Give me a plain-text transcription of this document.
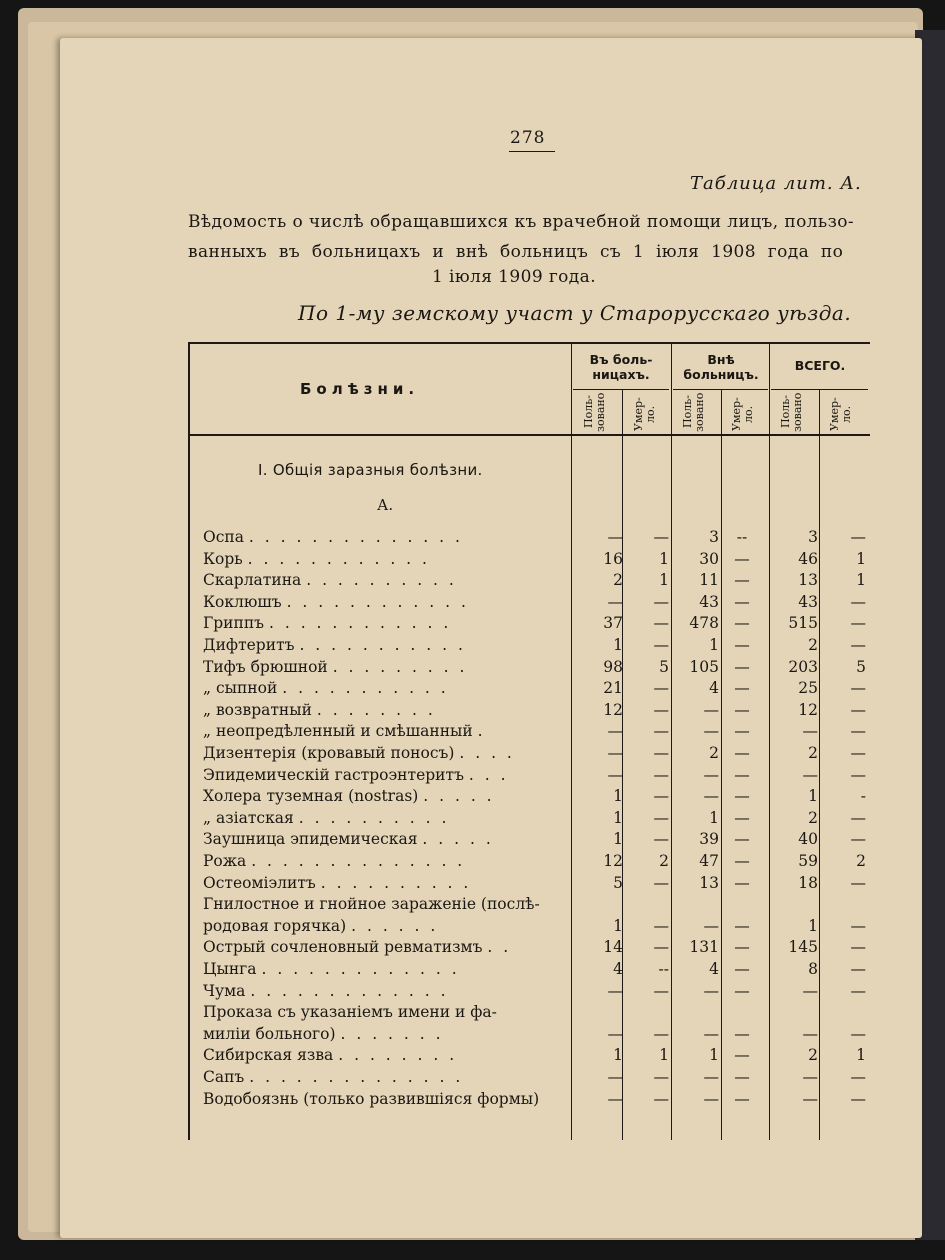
278
Таблица лит. А.
Вѣдомость о числѣ обращавшихся къ врачебной помощи лицъ, пользо-
ванныхъ въ больницахъ и внѣ больницъ съ 1 іюля 1908 года по
1 іюля 1909 года.
По 1-му земскому участ у Старорусскаго уѣзда.
Болѣзни.
Въ боль-ницахъ.
Внѣ больницъ.
ВСЕГО.
Поль-зовано	Умер-ло.	Поль-зовано	Умер-ло.	Поль-зовано	Умер-ло.
I. Общія заразныя болѣзни.
А.
Оспа . . . . . . . . . . . . . .	—	—	3	--	3	—
Корь . . . . . . . . . . . .	16	1	30 —	46	1
Скарлатина . . . . . . . . . .	2	1	11 —	13	1
Коклюшъ . . . . . . . . . . . .	—	—	43 —	43	—
Гриппъ . . . . . . . . . . . .	37	—	478 —	515	—
Дифтеритъ . . . . . . . . . . .	1	—	1 —	2	—
Тифъ брюшной . . . . . . . . .	98	5	105 —	203	5
„ сыпной . . . . . . . . . . .	21	—	4 —	25	—
„ возвратный . . . . . . . .	12	—	— —	12	—
„ неопредѣленный и смѣшанный .	—	—	— —	—	—
Дизентерія (кровавый поносъ) . . . .	—	—	2 —	2	—
Эпидемическій гастроэнтеритъ . . .	—	—	— —	—	—
Холера туземная (nostras) . . . . .	1	—	— —	1	-
„ азіатская . . . . . . . . . .	1	—	1 —	2	—
Заушница эпидемическая . . . . .	1	—	39 —	40	—
Рожа . . . . . . . . . . . . . .	12	2	47 —	59	2
Остеоміэлитъ . . . . . . . . . .	5	—	13 —	18	—
Гнилостное и гнойное зараженіе (послѣ-
родовая горячка) . . . . . .	1	—	— —	1	—
Острый сочленовный ревматизмъ . .	14	—	131 —	145	—
Цынга . . . . . . . . . . . . .	4	--	4 —	8	—
Чума . . . . . . . . . . . . .	—	—	— —	—	—
Проказа съ указаніемъ имени и фа-
миліи больного) . . . . . . .	—	—	— —	—	—
Сибирская язва . . . . . . . .	1	1	1 —	2	1
Сапъ . . . . . . . . . . . . . .	—	—	— —	—	—
Водобоязнь (только развившіяся формы)	—	—	— —	—	—
